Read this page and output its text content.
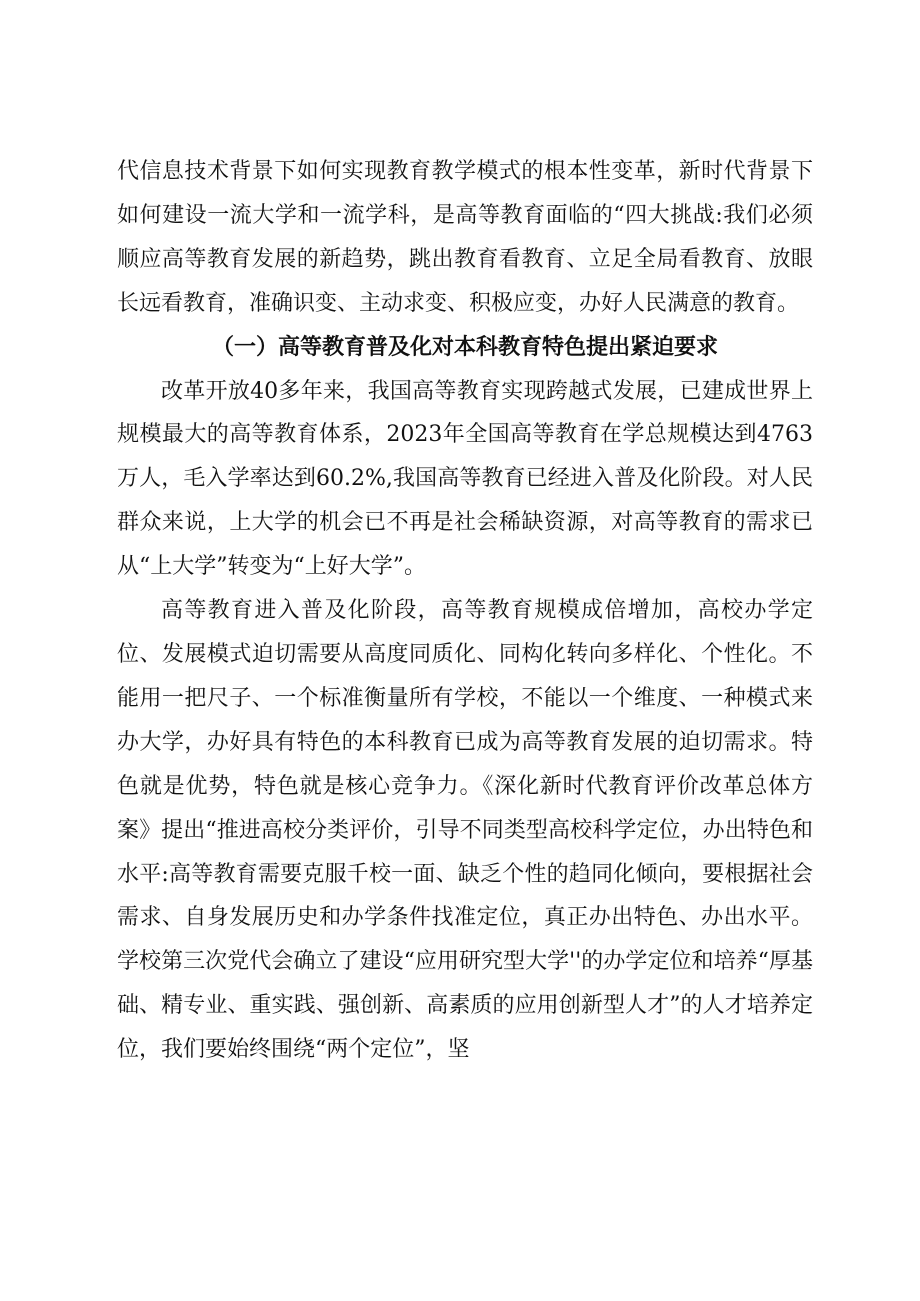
代信息技术背景下如何实现教育教学模式的根本性变革，新时代背景下如何建设一流大学和一流学科，是高等教育面临的“四大挑战:我们必须顺应高等教育发展的新趋势，跳出教育看教育、立足全局看教育、放眼长远看教育，准确识变、主动求变、积极应变，办好人民满意的教育。

（一）高等教育普及化对本科教育特色提出紧迫要求

改革开放40多年来，我国高等教育实现跨越式发展，已建成世界上规模最大的高等教育体系，2023年全国高等教育在学总规模达到4763万人，毛入学率达到60.2%,我国高等教育已经进入普及化阶段。对人民群众来说，上大学的机会已不再是社会稀缺资源，对高等教育的需求已从“上大学”转变为“上好大学”。

高等教育进入普及化阶段，高等教育规模成倍增加，高校办学定位、发展模式迫切需要从高度同质化、同构化转向多样化、个性化。不能用一把尺子、一个标准衡量所有学校，不能以一个维度、一种模式来办大学，办好具有特色的本科教育已成为高等教育发展的迫切需求。特色就是优势，特色就是核心竞争力。《深化新时代教育评价改革总体方案》提出“推进高校分类评价，引导不同类型高校科学定位，办出特色和水平:高等教育需要克服千校一面、缺乏个性的趋同化倾向，要根据社会需求、自身发展历史和办学条件找准定位，真正办出特色、办出水平。学校第三次党代会确立了建设“应用研究型大学''的办学定位和培养“厚基础、精专业、重实践、强创新、高素质的应用创新型人才”的人才培养定位，我们要始终围绕“两个定位”，坚
